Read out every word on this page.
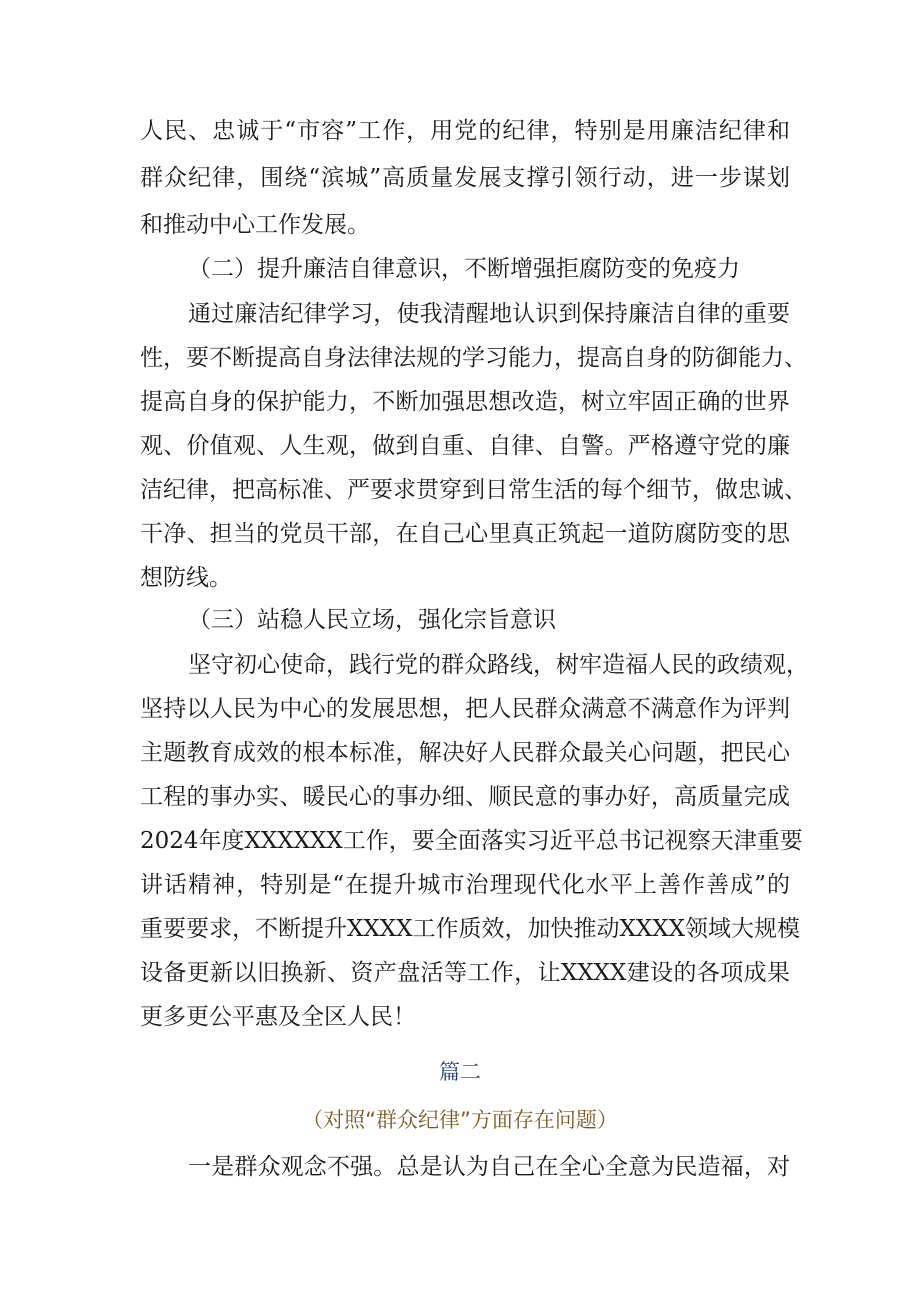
人民、忠诚于“市容”工作，用党的纪律，特别是用廉洁纪律和
群众纪律，围绕“滨城”高质量发展支撑引领行动，进一步谋划
和推动中心工作发展。
（二）提升廉洁自律意识，不断增强拒腐防变的免疫力
通过廉洁纪律学习，使我清醒地认识到保持廉洁自律的重要
性，要不断提高自身法律法规的学习能力，提高自身的防御能力、
提高自身的保护能力，不断加强思想改造，树立牢固正确的世界
观、价值观、人生观，做到自重、自律、自警。严格遵守党的廉
洁纪律，把高标准、严要求贯穿到日常生活的每个细节，做忠诚、
干净、担当的党员干部，在自己心里真正筑起一道防腐防变的思
想防线。
（三）站稳人民立场，强化宗旨意识
坚守初心使命，践行党的群众路线，树牢造福人民的政绩观，
坚持以人民为中心的发展思想，把人民群众满意不满意作为评判
主题教育成效的根本标准，解决好人民群众最关心问题，把民心
工程的事办实、暖民心的事办细、顺民意的事办好，高质量完成
2024年度XXXXXX工作，要全面落实习近平总书记视察天津重要
讲话精神，特别是“在提升城市治理现代化水平上善作善成”的
重要要求，不断提升XXXX工作质效，加快推动XXXX领域大规模
设备更新以旧换新、资产盘活等工作，让XXXX建设的各项成果
更多更公平惠及全区人民！
篇二
（对照“群众纪律”方面存在问题）
一是群众观念不强。总是认为自己在全心全意为民造福，对
